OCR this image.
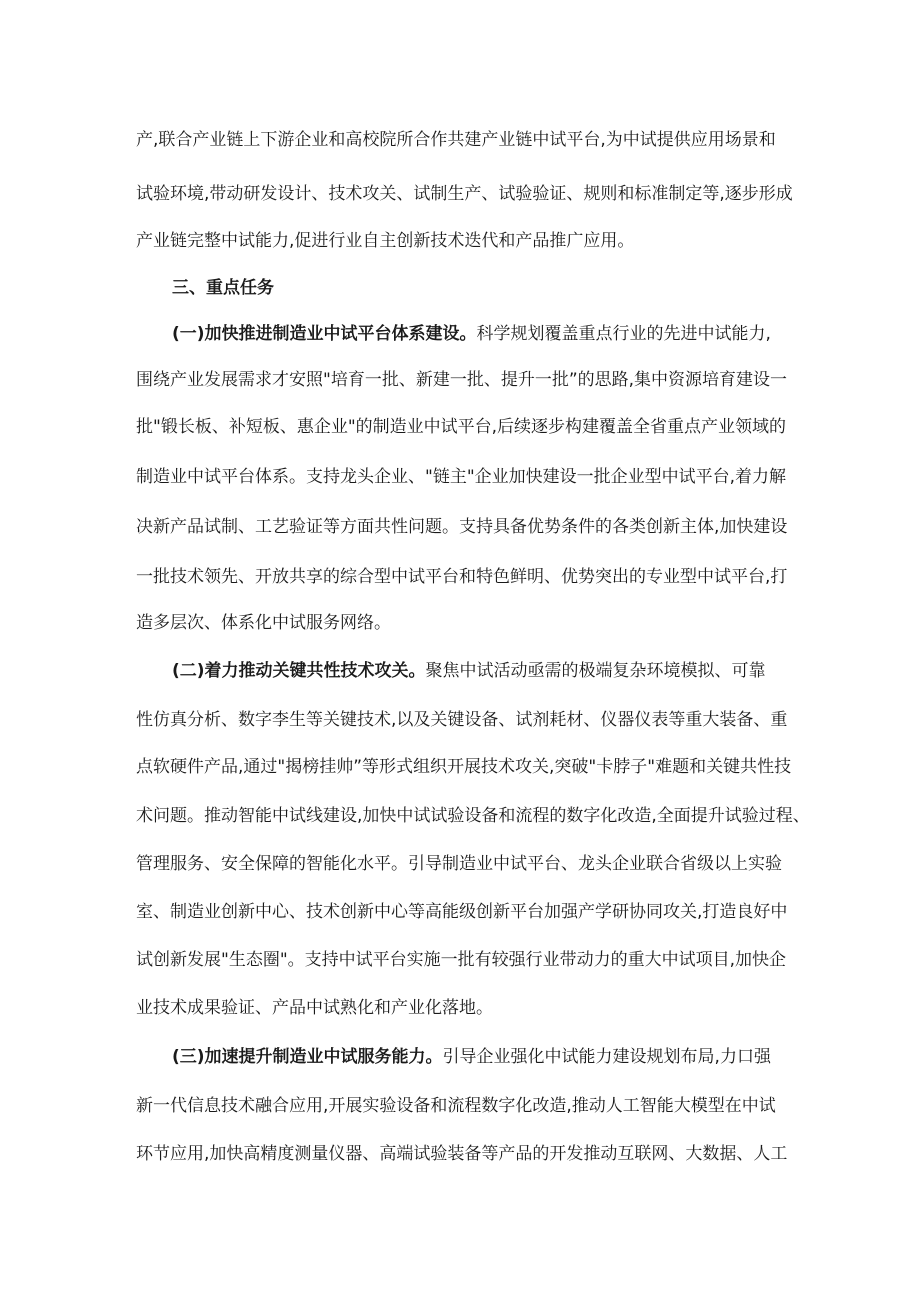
产,联合产业链上下游企业和高校院所合作共建产业链中试平台,为中试提供应用场景和
试验环境,带动研发设计、技术攻关、试制生产、试验验证、规则和标准制定等,逐步形成
产业链完整中试能力,促进行业自主创新技术迭代和产品推广应用。
三、重点任务
(一)加快推进制造业中试平台体系建设。科学规划覆盖重点行业的先进中试能力,
围绕产业发展需求才安照"培育一批、新建一批、提升一批”的思路,集中资源培育建设一
批"锻长板、补短板、惠企业"的制造业中试平台,后续逐步构建覆盖全省重点产业领域的
制造业中试平台体系。支持龙头企业、"链主"企业加快建设一批企业型中试平台,着力解
决新产品试制、工艺验证等方面共性问题。支持具备优势条件的各类创新主体,加快建设
一批技术领先、开放共享的综合型中试平台和特色鲜明、优势突出的专业型中试平台,打
造多层次、体系化中试服务网络。
(二)着力推动关键共性技术攻关。聚焦中试活动亟需的极端复杂环境模拟、可靠
性仿真分析、数字李生等关键技术,以及关键设备、试剂耗材、仪器仪表等重大装备、重
点软硬件产品,通过"揭榜挂帅”等形式组织开展技术攻关,突破"卡脖子"难题和关键共性技
术问题。推动智能中试线建设,加快中试试验设备和流程的数字化改造,全面提升试验过程、
管理服务、安全保障的智能化水平。引导制造业中试平台、龙头企业联合省级以上实验
室、制造业创新中心、技术创新中心等高能级创新平台加强产学研协同攻关,打造良好中
试创新发展"生态圈"。支持中试平台实施一批有较强行业带动力的重大中试项目,加快企
业技术成果验证、产品中试熟化和产业化落地。
(三)加速提升制造业中试服务能力。引导企业强化中试能力建设规划布局,力口强
新一代信息技术融合应用,开展实验设备和流程数字化改造,推动人工智能大模型在中试
环节应用,加快高精度测量仪器、高端试验装备等产品的开发推动互联网、大数据、人工
